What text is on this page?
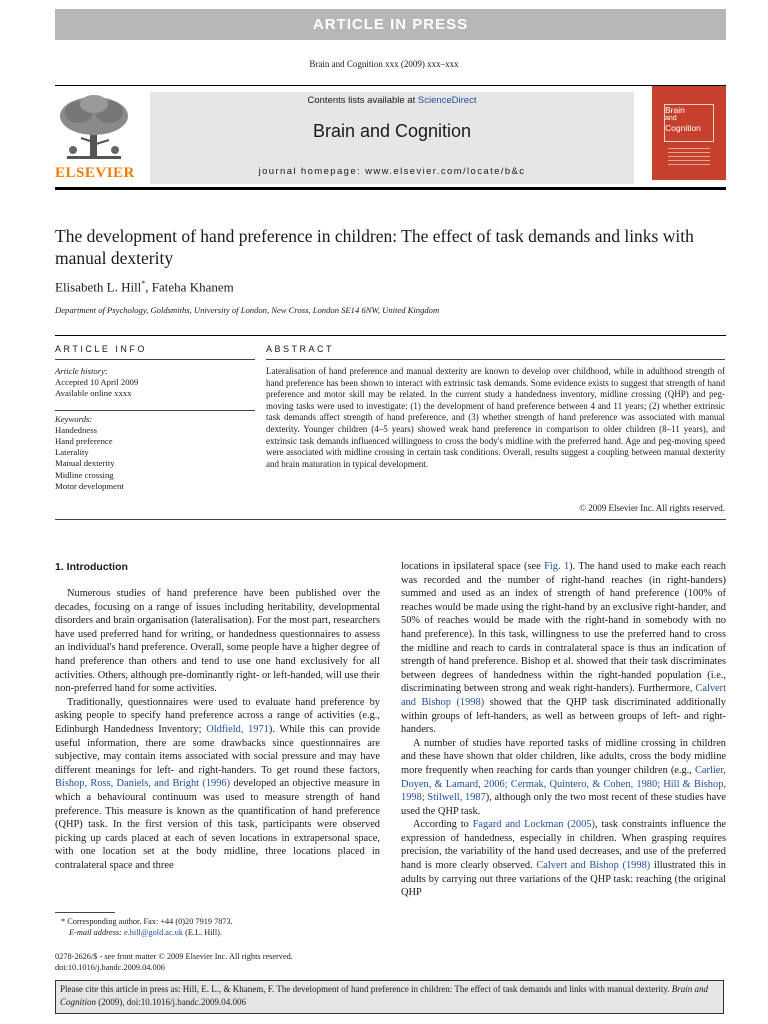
ARTICLE IN PRESS
Brain and Cognition xxx (2009) xxx–xxx
ELSEVIER
Contents lists available at ScienceDirect
Brain and Cognition
journal homepage: www.elsevier.com/locate/b&c
Brain
and
Cognition
The development of hand preference in children: The effect of task demands and links with manual dexterity
Elisabeth L. Hill*, Fateha Khanem
Department of Psychology, Goldsmiths, University of London, New Cross, London SE14 6NW, United Kingdom
ARTICLE INFO
Article history:
Accepted 10 April 2009
Available online xxxx
Keywords:
Handedness
Hand preference
Laterality
Manual dexterity
Midline crossing
Motor development
ABSTRACT
Lateralisation of hand preference and manual dexterity are known to develop over childhood, while in adulthood strength of hand preference has been shown to interact with extrinsic task demands. Some evidence exists to suggest that strength of hand preference and motor skill may be related. In the current study a handedness inventory, midline crossing (QHP) and peg-moving tasks were used to investigate: (1) the development of hand preference between 4 and 11 years; (2) whether extrinsic task demands affect strength of hand preference, and (3) whether strength of hand preference was associated with manual dexterity. Younger children (4–5 years) showed weak hand preference in comparison to older children (8–11 years), and extrinsic task demands influenced willingness to cross the body's midline with the preferred hand. Age and peg-moving speed were associated with midline crossing in certain task conditions. Overall, results suggest a coupling between manual dexterity and brain maturation in typical development.
© 2009 Elsevier Inc. All rights reserved.
1. Introduction

Numerous studies of hand preference have been published over the decades, focusing on a range of issues including heritability, developmental disorders and brain organisation (lateralisation). For the most part, researchers have used preferred hand for writing, or handedness questionnaires to assess an individual's hand preference. Overall, some people have a higher degree of hand preference than others and tend to use one hand exclusively for all activities. Others, although pre-dominantly right- or left-handed, will use their non-preferred hand for some activities.

Traditionally, questionnaires were used to evaluate hand preference by asking people to specify hand preference across a range of activities (e.g., Edinburgh Handedness Inventory; Oldfield, 1971). While this can provide useful information, there are some drawbacks since questionnaires are subjective, may contain items associated with social pressure and may have different meanings for left- and right-handers. To get round these factors, Bishop, Ross, Daniels, and Bright (1996) developed an objective measure in which a behavioural continuum was used to measure strength of hand preference. This measure is known as the quantification of hand preference (QHP) task. In the first version of this task, participants were observed picking up cards placed at each of seven locations in extrapersonal space, with one location set at the body midline, three locations placed in contralateral space and three

locations in ipsilateral space (see Fig. 1). The hand used to make each reach was recorded and the number of right-hand reaches (in right-handers) summed and used as an index of strength of hand preference (100% of reaches would be made using the right-hand by an exclusive right-hander, and 50% of reaches would be made with the right-hand in somebody with no hand preference). In this task, willingness to use the preferred hand to cross the midline and reach to cards in contralateral space is thus an indication of strength of hand preference. Bishop et al. showed that their task discriminates between degrees of handedness within the right-handed population (i.e., discriminating between strong and weak right-handers). Furthermore, Calvert and Bishop (1998) showed that the QHP task discriminated additionally within groups of left-handers, as well as between groups of left- and right-handers.

A number of studies have reported tasks of midline crossing in children and these have shown that older children, like adults, cross the body midline more frequently when reaching for cards than younger children (e.g., Carlier, Doyen, & Lamard, 2006; Cermak, Quintero, & Cohen, 1980; Hill & Bishop, 1998; Stilwell, 1987), although only the two most recent of these studies have used the QHP task.

According to Fagard and Lockman (2005), task constraints influence the expression of handedness, especially in children. When grasping requires precision, the variability of the hand used decreases, and use of the preferred hand is more clearly observed. Calvert and Bishop (1998) illustrated this in adults by carrying out three variations of the QHP task: reaching (the original QHP

* Corresponding author. Fax: +44 (0)20 7919 7873.
E-mail address: e.hill@gold.ac.uk (E.L. Hill).
0278-2626/$ - see front matter © 2009 Elsevier Inc. All rights reserved.
doi:10.1016/j.bandc.2009.04.006
Please cite this article in press as: Hill, E. L., & Khanem, F. The development of hand preference in children: The effect of task demands and links with manual dexterity. Brain and Cognition (2009), doi:10.1016/j.bandc.2009.04.006
